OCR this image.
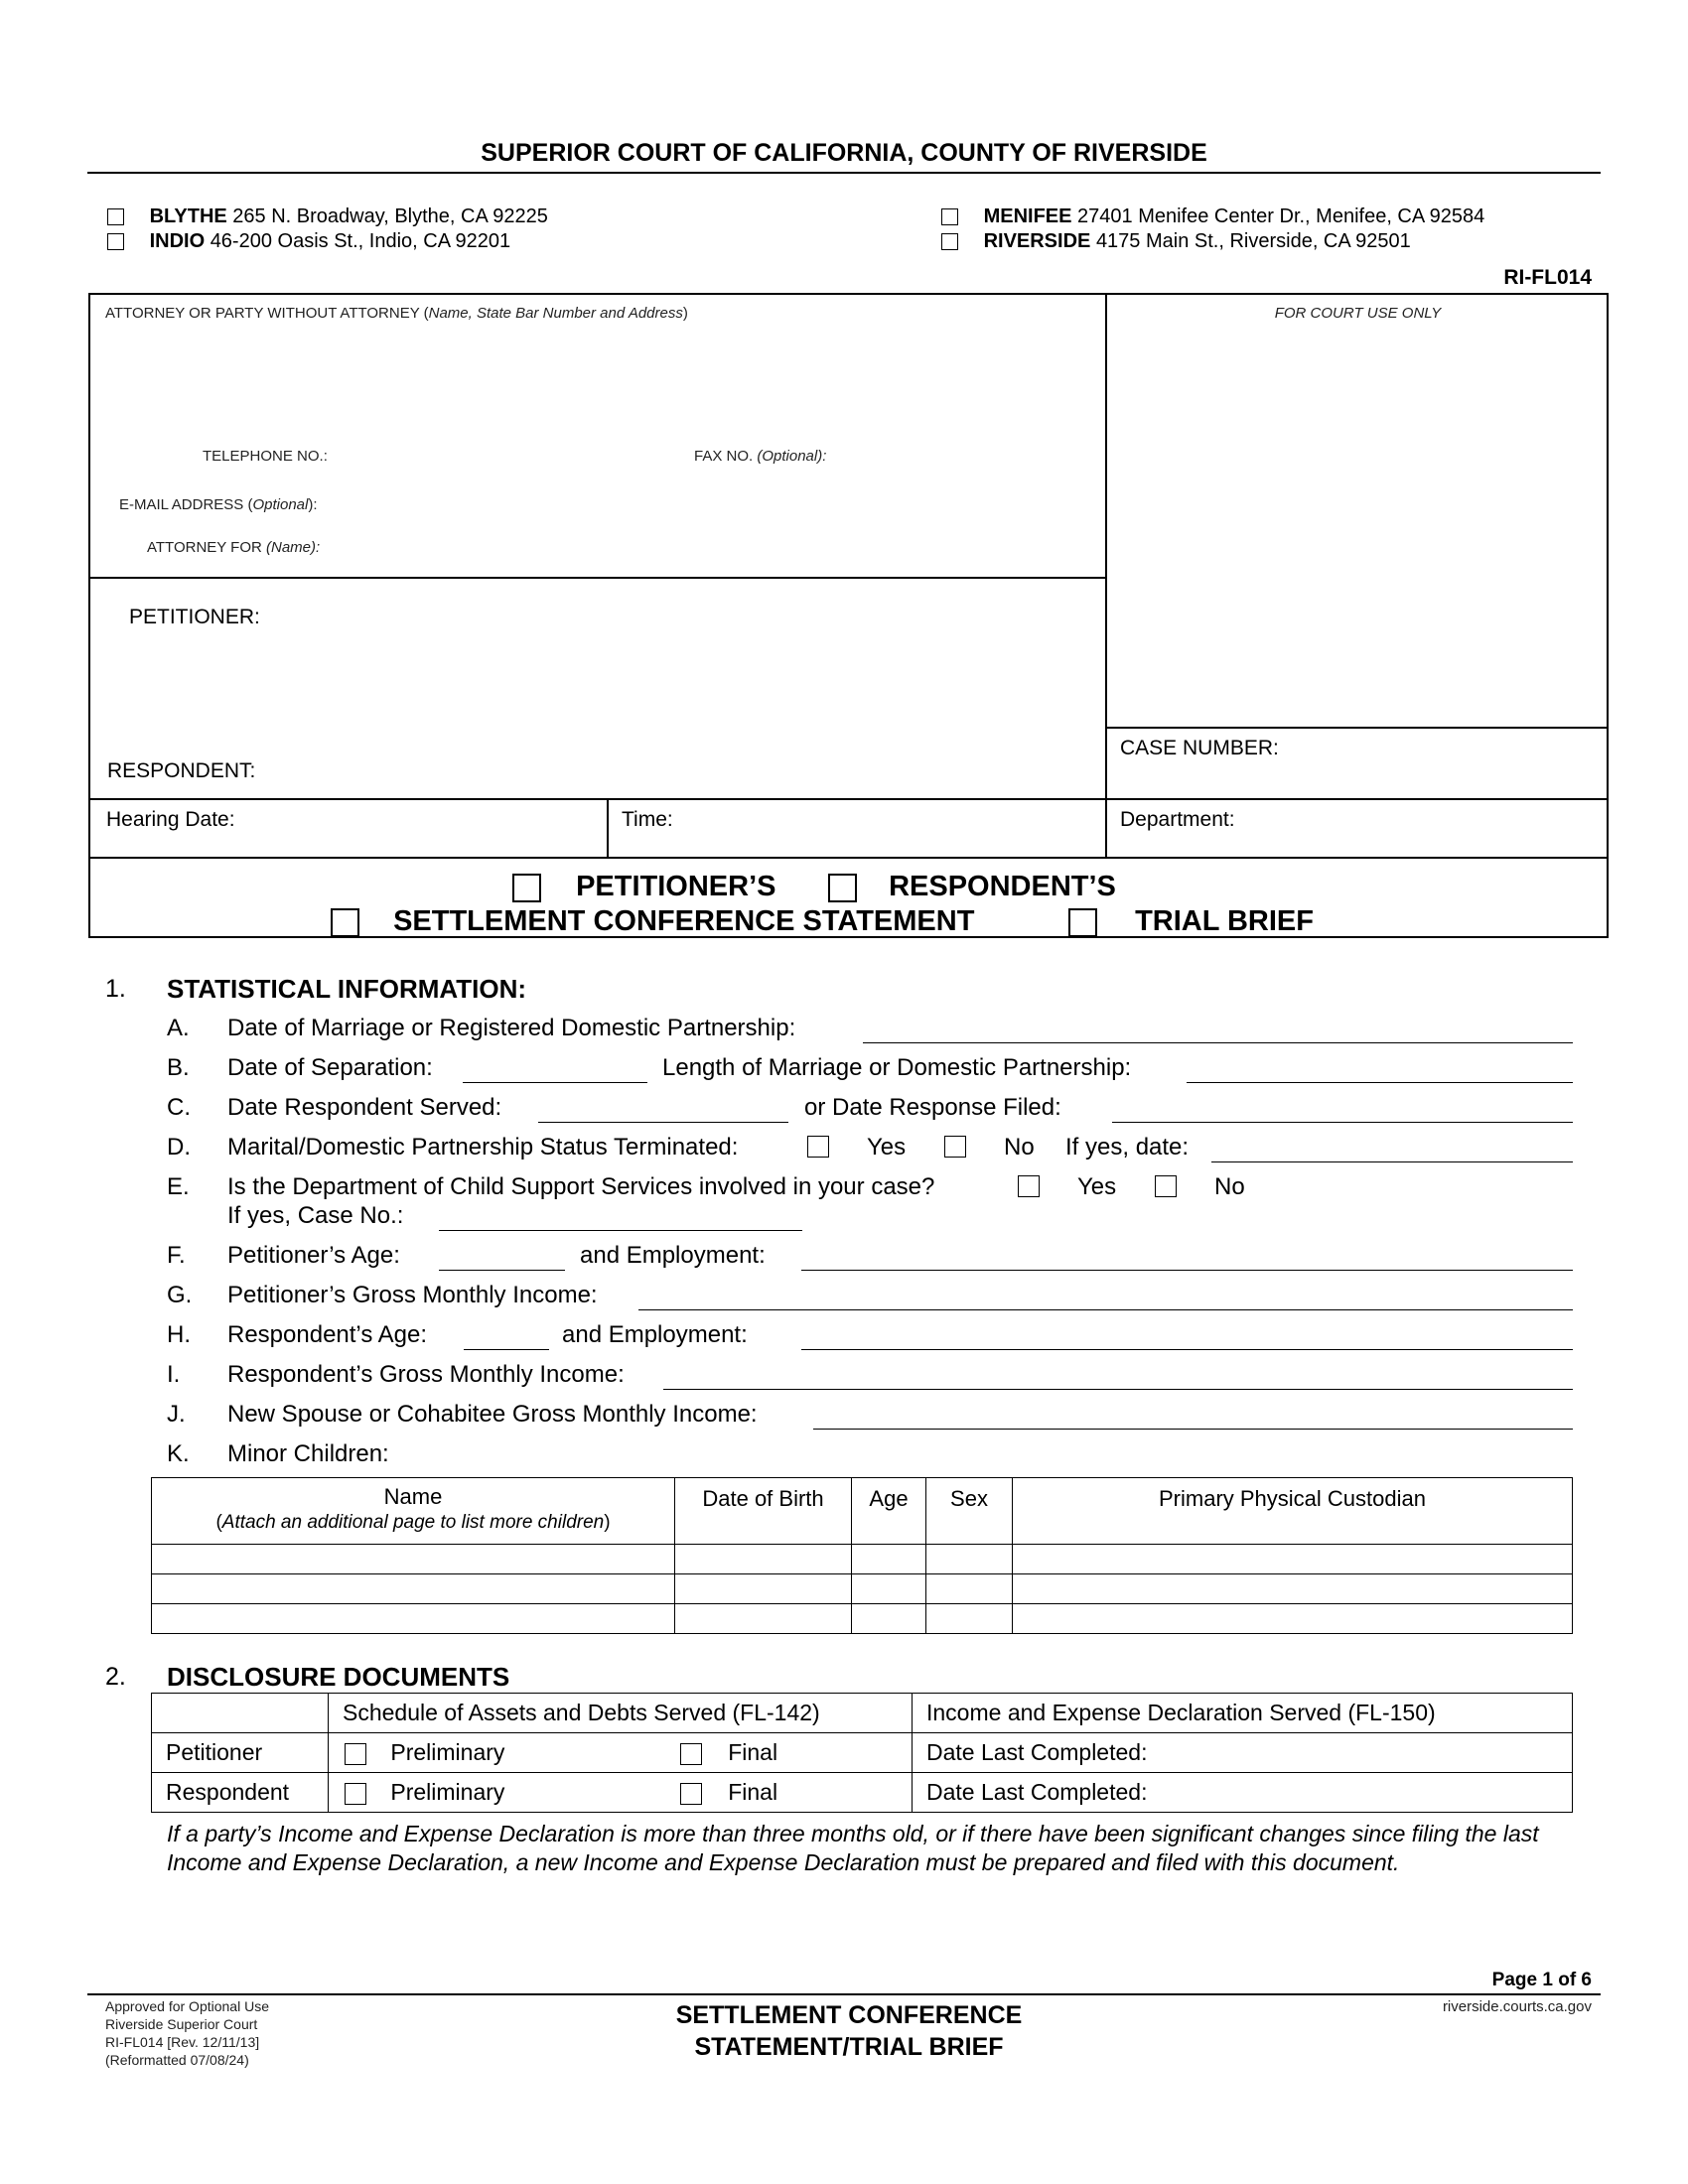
SUPERIOR COURT OF CALIFORNIA, COUNTY OF RIVERSIDE
BLYTHE 265 N. Broadway, Blythe, CA 92225
INDIO 46-200 Oasis St., Indio, CA 92201
MENIFEE 27401 Menifee Center Dr., Menifee, CA 92584
RIVERSIDE 4175 Main St., Riverside, CA 92501
RI-FL014
ATTORNEY OR PARTY WITHOUT ATTORNEY (Name, State Bar Number and Address)	FOR COURT USE ONLY
TELEPHONE NO.:	FAX NO. (Optional):
E-MAIL ADDRESS (Optional):
ATTORNEY FOR (Name):
PETITIONER:
RESPONDENT:
CASE NUMBER:
Hearing Date:	Time:	Department:
PETITIONER’S	RESPONDENT’S
SETTLEMENT CONFERENCE STATEMENT	TRIAL BRIEF
1. STATISTICAL INFORMATION:
A. Date of Marriage or Registered Domestic Partnership:
B. Date of Separation:	Length of Marriage or Domestic Partnership:
C. Date Respondent Served:	or Date Response Filed:
D. Marital/Domestic Partnership Status Terminated:	Yes	No If yes, date:
E. Is the Department of Child Support Services involved in your case?	Yes	No
If yes, Case No.:
F. Petitioner’s Age:	and Employment:
G. Petitioner’s Gross Monthly Income:
H. Respondent’s Age:	and Employment:
I. Respondent’s Gross Monthly Income:
J. New Spouse or Cohabitee Gross Monthly Income:
K. Minor Children:
Name
(Attach an additional page to list more children)	Date of Birth	Age	Sex	Primary Physical Custodian

2. DISCLOSURE DOCUMENTS
	Schedule of Assets and Debts Served (FL-142)	Income and Expense Declaration Served (FL-150)
Petitioner	Preliminary Final	Date Last Completed:
Respondent	Preliminary Final	Date Last Completed:
If a party’s Income and Expense Declaration is more than three months old, or if there have been significant changes since filing the last Income and Expense Declaration, a new Income and Expense Declaration must be prepared and filed with this document.
Page 1 of 6
Approved for Optional Use
Riverside Superior Court
RI-FL014 [Rev. 12/11/13]
(Reformatted 07/08/24)
SETTLEMENT CONFERENCE
STATEMENT/TRIAL BRIEF
riverside.courts.ca.gov
